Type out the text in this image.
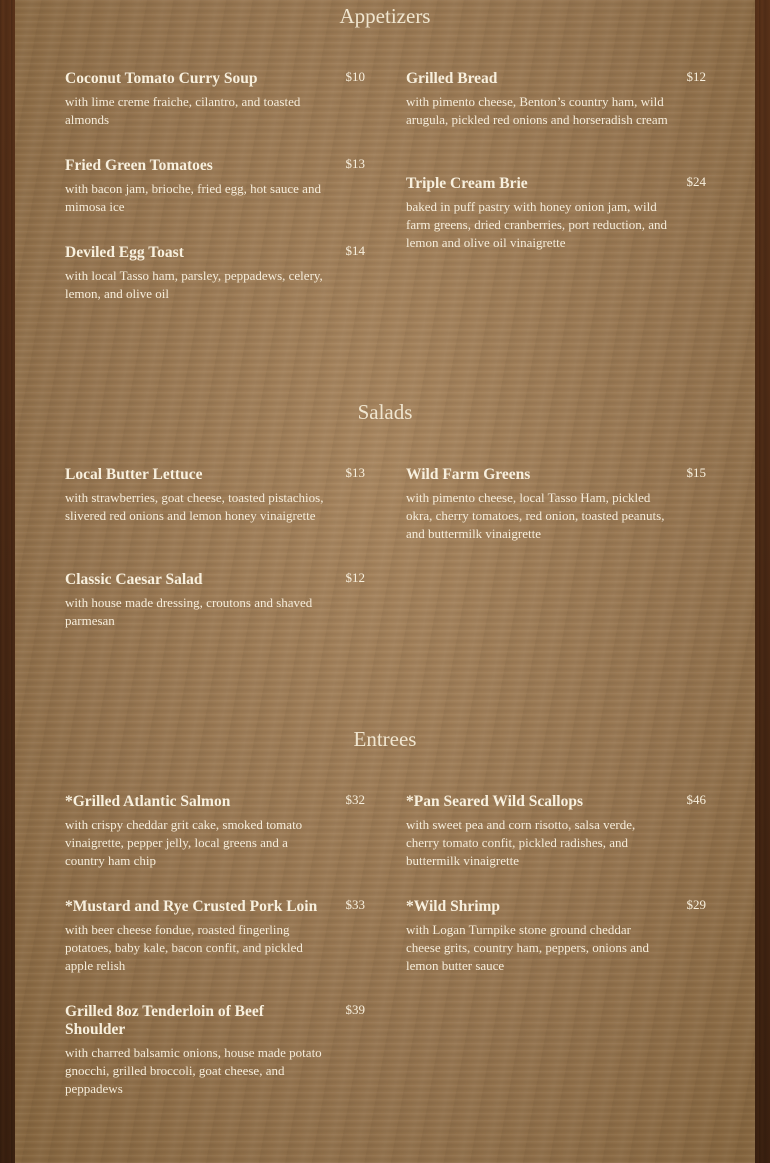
Appetizers
Coconut Tomato Curry Soup
with lime creme fraiche, cilantro, and toasted almonds
$10
Fried Green Tomatoes
with bacon jam, brioche, fried egg, hot sauce and mimosa ice
$13
Deviled Egg Toast
with local Tasso ham, parsley, peppadews, celery, lemon, and olive oil
$14
Grilled Bread
with pimento cheese, Benton’s country ham, wild arugula, pickled red onions and horseradish cream
$12
Triple Cream Brie
baked in puff pastry with honey onion jam, wild farm greens, dried cranberries, port reduction, and lemon and olive oil vinaigrette
$24
Salads
Local Butter Lettuce
with strawberries, goat cheese, toasted pistachios, slivered red onions and lemon honey vinaigrette
$13
Classic Caesar Salad
with house made dressing, croutons and shaved parmesan
$12
Wild Farm Greens
with pimento cheese, local Tasso Ham, pickled okra, cherry tomatoes, red onion, toasted peanuts, and buttermilk vinaigrette
$15
Entrees
*Grilled Atlantic Salmon
with crispy cheddar grit cake, smoked tomato vinaigrette, pepper jelly, local greens and a country ham chip
$32
*Mustard and Rye Crusted Pork Loin
with beer cheese fondue, roasted fingerling potatoes, baby kale, bacon confit, and pickled apple relish
$33
Grilled 8oz Tenderloin of Beef Shoulder
with charred balsamic onions, house made potato gnocchi, grilled broccoli, goat cheese, and peppadews
$39
*Pan Seared Wild Scallops
with sweet pea and corn risotto, salsa verde, cherry tomato confit, pickled radishes, and buttermilk vinaigrette
$46
*Wild Shrimp
with Logan Turnpike stone ground cheddar cheese grits, country ham, peppers, onions and lemon butter sauce
$29
